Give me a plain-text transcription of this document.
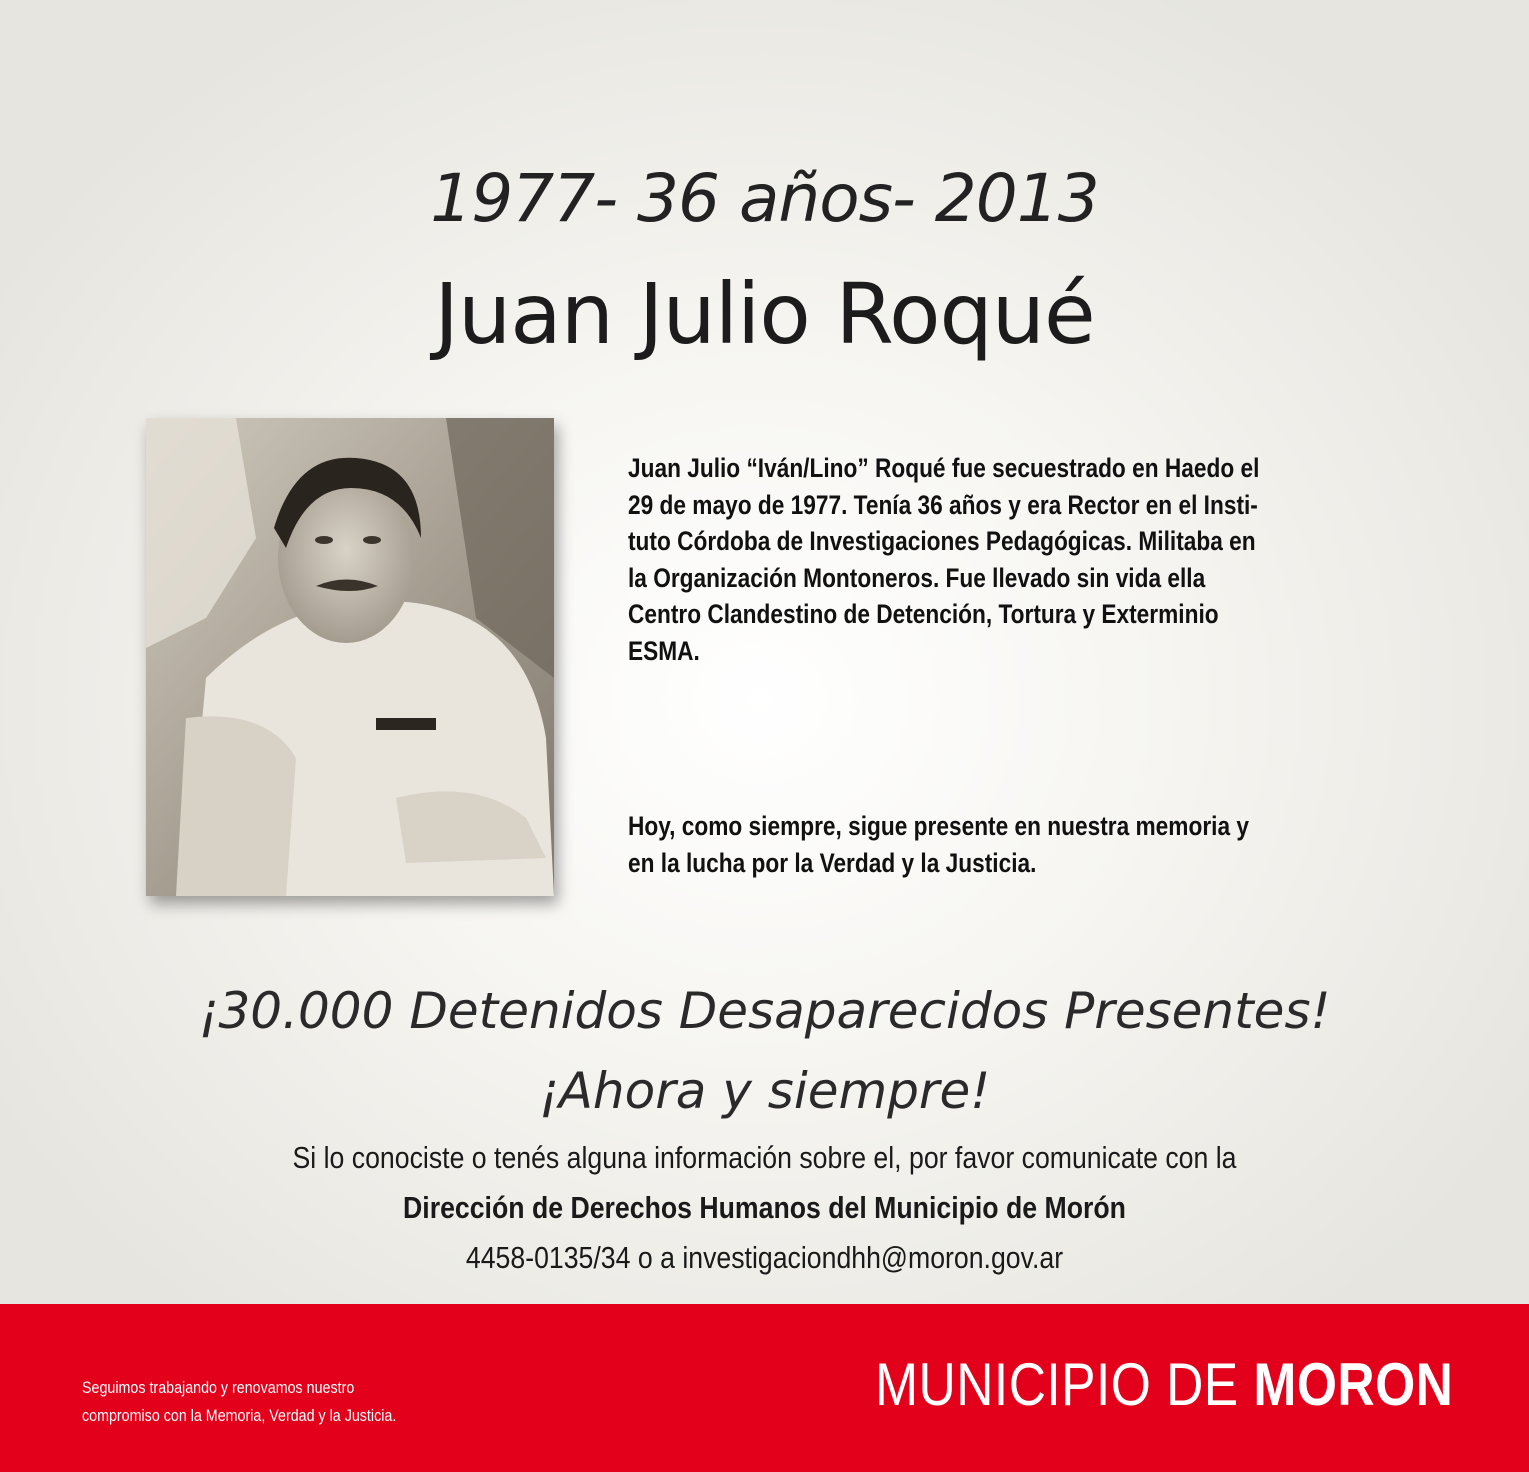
1977- 36 años- 2013
Juan Julio Roqué
Juan Julio “Iván/Lino” Roqué fue secuestrado en Haedo el
29 de mayo de 1977. Tenía 36 años y era Rector en el Insti-
tuto Córdoba de Investigaciones Pedagógicas. Militaba en
la Organización Montoneros. Fue llevado sin vida ella
Centro Clandestino de Detención, Tortura y Exterminio
ESMA.
Hoy, como siempre, sigue presente en nuestra memoria y
en la lucha por la Verdad y la Justicia.
¡30.000 Detenidos Desaparecidos Presentes!
¡Ahora y siempre!
Si lo conociste o tenés alguna información sobre el, por favor comunicate con la
Dirección de Derechos Humanos del Municipio de Morón
4458-0135/34 o a investigaciondhh@moron.gov.ar
Seguimos trabajando y renovamos nuestro
compromiso con la Memoria, Verdad y la Justicia.	MUNICIPIO DE MORON
